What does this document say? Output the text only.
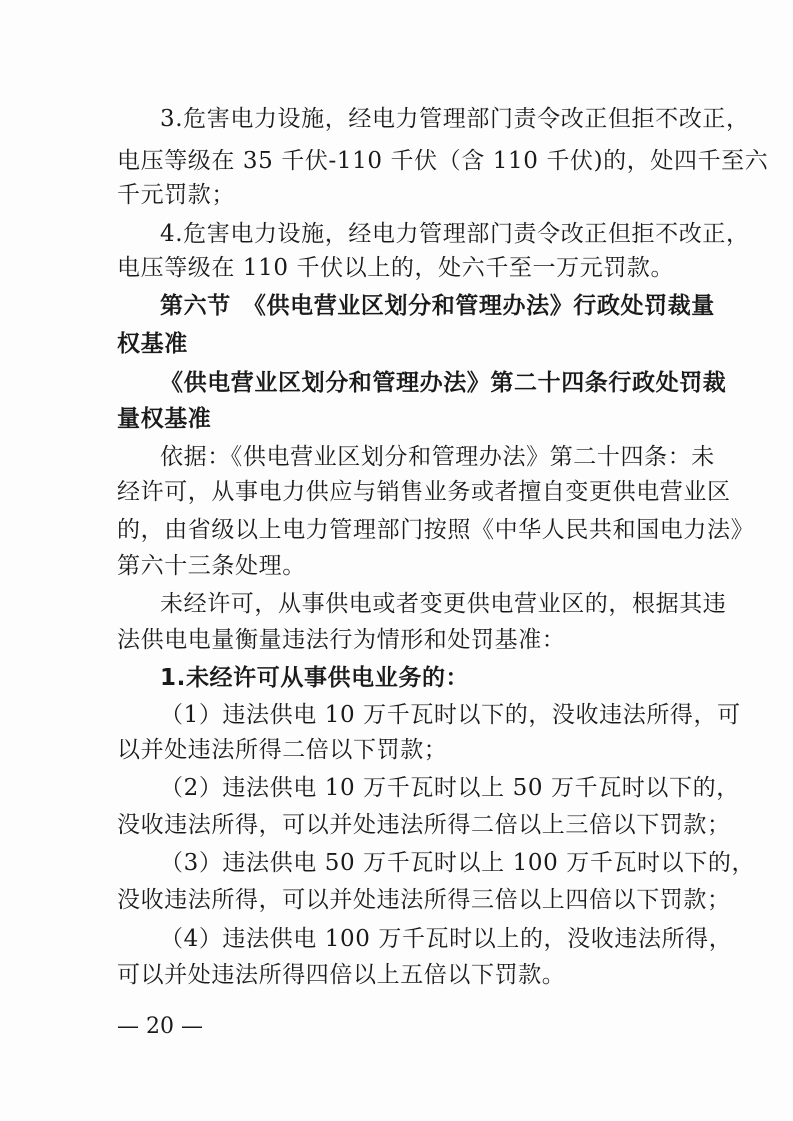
3.危害电力设施，经电力管理部门责令改正但拒不改正，
电压等级在 35 千伏-110 千伏（含 110 千伏)的，处四千至六
千元罚款；
4.危害电力设施，经电力管理部门责令改正但拒不改正，
电压等级在 110 千伏以上的，处六千至一万元罚款。
第六节　《供电营业区划分和管理办法》行政处罚裁量
权基准
《供电营业区划分和管理办法》第二十四条行政处罚裁
量权基准
依据：《供电营业区划分和管理办法》第二十四条：未
经许可，从事电力供应与销售业务或者擅自变更供电营业区
的，由省级以上电力管理部门按照《中华人民共和国电力法》
第六十三条处理。
未经许可，从事供电或者变更供电营业区的，根据其违
法供电电量衡量违法行为情形和处罚基准：
1.未经许可从事供电业务的：
（1）违法供电 10 万千瓦时以下的，没收违法所得，可
以并处违法所得二倍以下罚款；
（2）违法供电 10 万千瓦时以上 50 万千瓦时以下的，
没收违法所得，可以并处违法所得二倍以上三倍以下罚款；
（3）违法供电 50 万千瓦时以上 100 万千瓦时以下的，
没收违法所得，可以并处违法所得三倍以上四倍以下罚款；
（4）违法供电 100 万千瓦时以上的，没收违法所得，
可以并处违法所得四倍以上五倍以下罚款。
— 20 —
